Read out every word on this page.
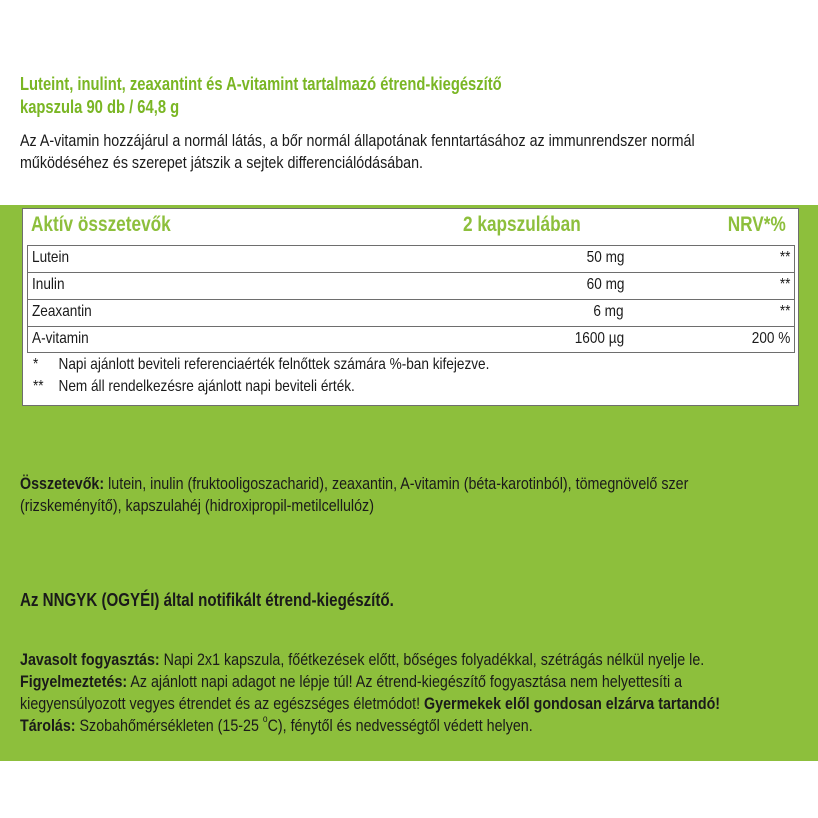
Luteint, inulint, zeaxantint és A-vitamint tartalmazó étrend-kiegészítő
kapszula 90 db / 64,8 g
Az A-vitamin hozzájárul a normál látás, a bőr normál állapotának fenntartásához az immunrendszer normál
működéséhez és szerepet játszik a sejtek differenciálódásában.
Aktív összetevők	2 kapszulában	NRV*%
Lutein	50 mg	**
Inulin	60 mg	**
Zeaxantin	6 mg	**
A-vitamin	1600 µg	200 %
* Napi ajánlott beviteli referenciaérték felnőttek számára %-ban kifejezve.
** Nem áll rendelkezésre ajánlott napi beviteli érték.
Összetevők: lutein, inulin (fruktooligoszacharid), zeaxantin, A-vitamin (béta-karotinból), tömegnövelő szer
(rizskeményítő), kapszulahéj (hidroxipropil-metilcellulóz)
Az NNGYK (OGYÉI) által notifikált étrend-kiegészítő.
Javasolt fogyasztás: Napi 2x1 kapszula, főétkezések előtt, bőséges folyadékkal, szétrágás nélkül nyelje le.
Figyelmeztetés: Az ajánlott napi adagot ne lépje túl! Az étrend-kiegészítő fogyasztása nem helyettesíti a
kiegyensúlyozott vegyes étrendet és az egészséges életmódot! Gyermekek elől gondosan elzárva tartandó!
Tárolás: Szobahőmérsékleten (15-25 $^o$C), fénytől és nedvességtől védett helyen.
